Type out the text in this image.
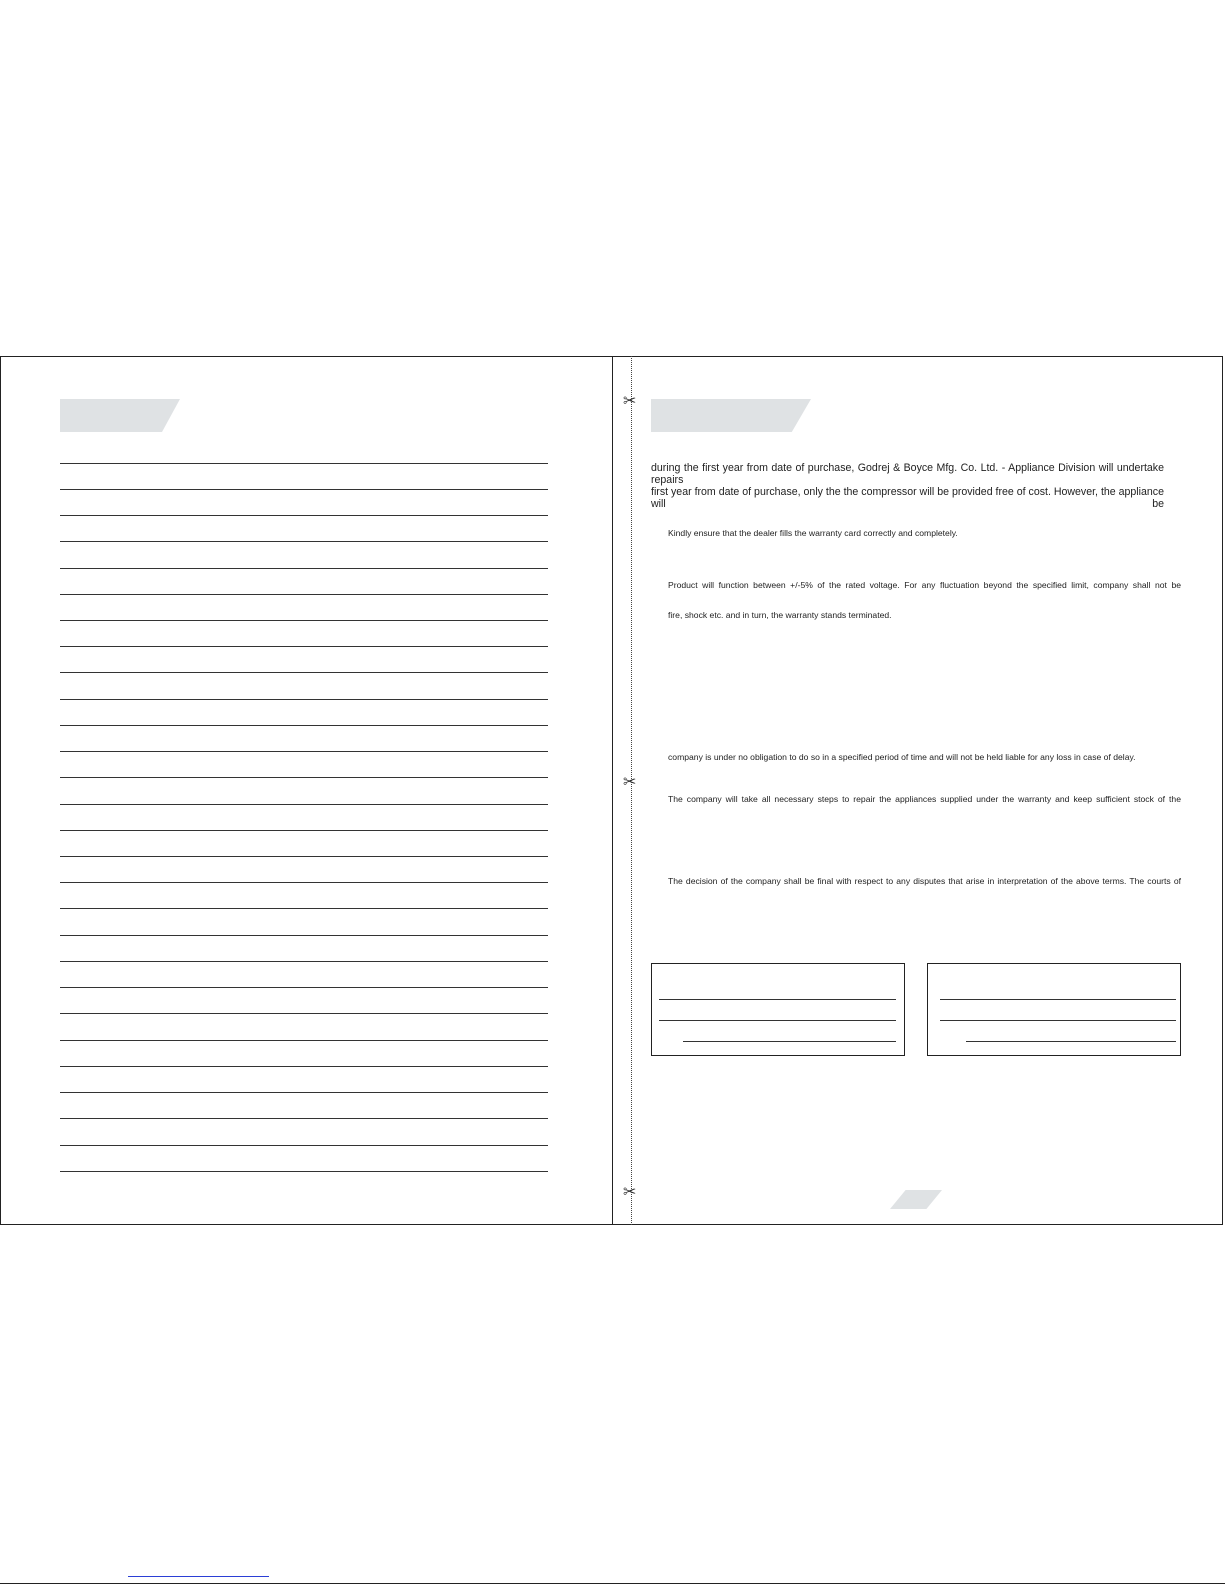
✂
✂
✂

during the first year from date of purchase, Godrej & Boyce Mfg. Co. Ltd. - Appliance Division will undertake repairs

first year from date of purchase, only the the compressor will be provided free of cost. However, the appliance will be

Kindly ensure that the dealer fills the warranty card correctly and completely.

Product will function between +/-5% of the rated voltage. For any fluctuation beyond the specified limit, company shall not be

fire, shock etc. and in turn, the warranty stands terminated.

company is under no obligation to do so in a specified period of time and will not be held liable for any loss in case of delay.

The company will take all necessary steps to repair the appliances supplied under the warranty and keep sufficient stock of the

The decision of the company shall be final with respect to any disputes that arise in interpretation of the above terms. The courts of
